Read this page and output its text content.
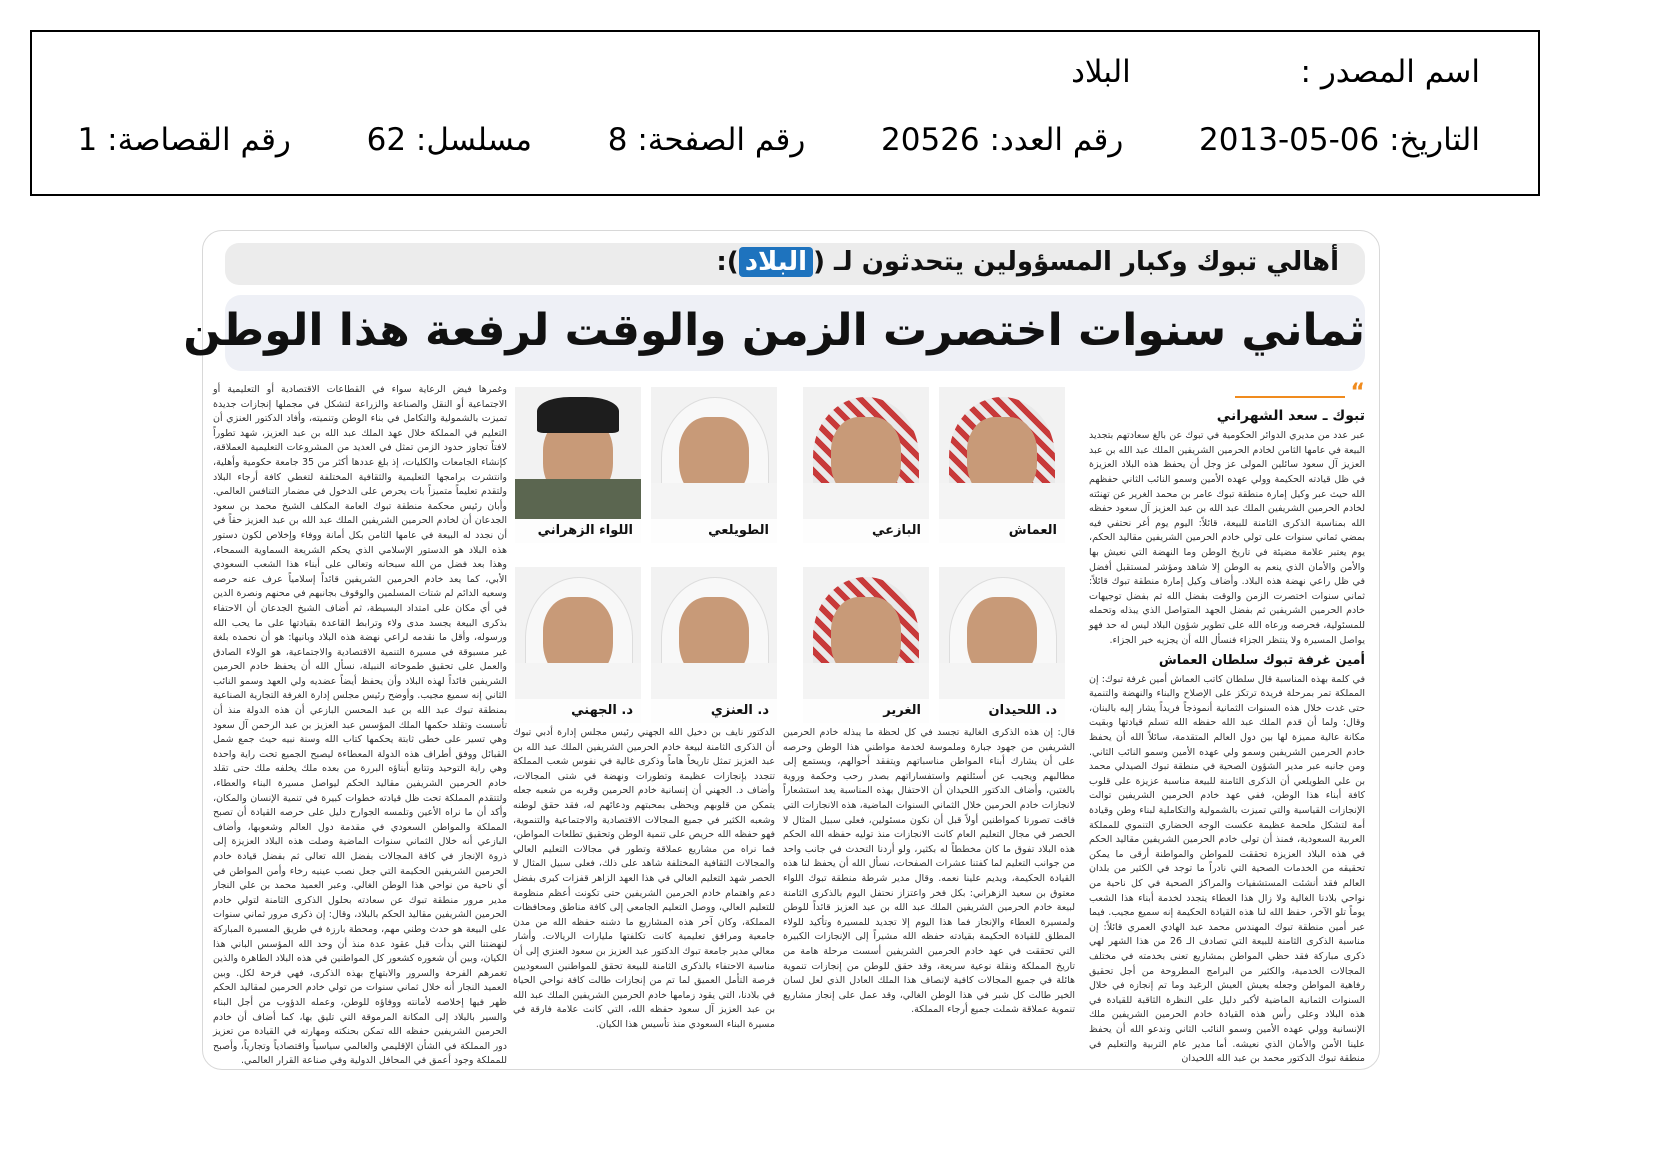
اسم المصدر :  البلاد
التاريخ: 2013-05-06  رقم العدد: 20526  رقم الصفحة: 8  مسلسل: 62  رقم القصاصة: 1
أهالي تبوك وكبار المسؤولين يتحدثون لـ (البلاد):
ثماني سنوات اختصرت الزمن والوقت لرفعة هذا الوطن
“
تبوك ـ سعد الشهراني
عبر عدد من مديري الدوائر الحكومية في تبوك عن بالغ سعادتهم بتجديد البيعة في عامها الثامن لخادم الحرمين الشريفين الملك عبد الله بن عبد العزيز آل سعود سائلين المولى عز وجل أن يحفظ هذه البلاد العزيزة في ظل قيادته الحكيمة وولي عهده الأمين وسمو النائب الثاني حفظهم الله حيث عبر وكيل إمارة منطقة تبوك عامر بن محمد الغرير عن تهنئته لخادم الحرمين الشريفين الملك عبد الله بن عبد العزيز آل سعود حفظه الله بمناسبة الذكرى الثامنة للبيعة، قائلاً: اليوم يوم أغر نحتفي فيه بمضي ثماني سنوات على تولي خادم الحرمين الشريفين مقاليد الحكم، يوم يعتبر علامة مضيئة في تاريخ الوطن وما النهضة التي نعيش بها والأمن والأمان الذي ينعم به الوطن إلا شاهد ومؤشر لمستقبل أفضل في ظل راعي نهضة هذه البلاد. وأضاف وكيل إمارة منطقة تبوك قائلاً: ثماني سنوات اختصرت الزمن والوقت بفضل الله ثم بفضل توجيهات خادم الحرمين الشريفين ثم بفضل الجهد المتواصل الذي يبذله وتحمله للمسئولية، فحرصه ورعاه الله على تطوير شؤون البلاد ليس له حد فهو يواصل المسيرة ولا ينتظر الجزاء فنسأل الله أن يجزيه خير الجزاء.
أمين غرفة تبوك سلطان العماش
في كلمة بهذه المناسبة قال سلطان كاتب العماش أمين غرفة تبوك: إن المملكة تمر بمرحلة فريدة ترتكز على الإصلاح والبناء والنهضة والتنمية حتى غدت خلال هذه السنوات الثمانية أنموذجاً فريداً يشار إليه بالبنان، وقال: ولما أن قدم الملك عبد الله حفظه الله تسلم قيادتها وبقيت مكانة عالية مميزة لها بين دول العالم المتقدمة، سائلاً الله أن يحفظ خادم الحرمين الشريفين وسمو ولي عهده الأمين وسمو النائب الثاني. ومن جانبه عبر مدير الشؤون الصحية في منطقة تبوك الصيدلي محمد بن علي الطويلعي أن الذكرى الثامنة للبيعة مناسبة عزيزة على قلوب كافة أبناء هذا الوطن، ففي عهد خادم الحرمين الشريفين توالت الإنجازات القياسية والتي تميزت بالشمولية والتكاملية لبناء وطن وقيادة أمة لتشكل ملحمة عظيمة عكست الوجه الحضاري التنموي للمملكة العربية السعودية، فمنذ أن تولى خادم الحرمين الشريفين مقاليد الحكم في هذه البلاد العزيزة تحققت للمواطن والمواطنة أرقى ما يمكن تحقيقه من الخدمات الصحية التي نادراً ما توجد في الكثير من بلدان العالم فقد أنشئت المستشفيات والمراكز الصحية في كل ناحية من نواحي بلادنا الغالية ولا زال هذا العطاء يتجدد لخدمة أبناء هذا الشعب يوماً تلو الآخر، حفظ الله لنا هذه القيادة الحكيمة إنه سميع مجيب. فيما عبر أمين منطقة تبوك المهندس محمد عبد الهادي العمري قائلاً: إن مناسبة الذكرى الثامنة للبيعة التي تصادف الـ 26 من هذا الشهر لهي ذكرى مباركة فقد حظي المواطن بمشاريع تعنى بخدمته في مختلف المجالات الخدمية، والكثير من البرامج المطروحة من أجل تحقيق رفاهية المواطن وجعله يعيش العيش الرغيد وما تم إنجازه في خلال السنوات الثمانية الماضية لأكبر دليل على النظرة الثاقبة للقيادة في هذه البلاد وعلى رأس هذه القيادة خادم الحرمين الشريفين ملك الإنسانية وولي عهده الأمين وسمو النائب الثاني وندعو الله أن يحفظ علينا الأمن والأمان الذي نعيشه. أما مدير عام التربية والتعليم في منطقة تبوك الدكتور محمد بن عبد الله اللحيدان
العماش
البازعي
الطويلعي
اللواء الزهراني
د. اللحيدان
الغرير
د. العنزي
د. الجهني
قال: إن هذه الذكرى الغالية تجسد في كل لحظة ما يبذله خادم الحرمين الشريفين من جهود جبارة وملموسة لخدمة مواطني هذا الوطن وحرصه على أن يشارك أبناء المواطن مناسباتهم ويتفقد أحوالهم، ويستمع إلى مطالبهم ويجيب عن أسئلتهم واستفساراتهم بصدر رحب وحكمة وروية بالغتين، وأضاف الدكتور اللحيدان أن الاحتفال بهذه المناسبة يعد استشعاراً لانجازات خادم الحرمين خلال الثماني السنوات الماضية، هذه الانجازات التي فاقت تصورنا كمواطنين أولاً قبل أن نكون مسئولين، فعلى سبيل المثال لا الحصر في مجال التعليم العام كانت الانجازات منذ توليه حفظه الله الحكم هذه البلاد تفوق ما كان مخططاً له بكثير، ولو أردنا التحدث في جانب واحد من جوانب التعليم لما كفتنا عشرات الصفحات، نسأل الله أن يحفظ لنا هذه القيادة الحكيمة، ويديم علينا نعمه. وقال مدير شرطة منطقة تبوك اللواء معتوق بن سعيد الزهراني: بكل فخر واعتزاز نحتفل اليوم بالذكرى الثامنة لبيعة خادم الحرمين الشريفين الملك عبد الله بن عبد العزيز قائداً للوطن ولمسيرة العطاء والإنجاز فما هذا اليوم إلا تجديد للمسيرة وتأكيد للولاء المطلق للقيادة الحكيمة بقيادته حفظه الله مشيراً إلى الإنجازات الكبيرة التي تحققت في عهد خادم الحرمين الشريفين أسست مرحلة هامة من تاريخ المملكة ونقلة نوعية سريعة، وقد حقق للوطن من إنجازات تنموية هائلة في جميع المجالات كافية لإنصاف هذا الملك العادل الذي لعل لسان الخير طالت كل شبر في هذا الوطن الغالي، وقد عمل على إنجاز مشاريع تنموية عملاقة شملت جميع أرجاء المملكة.
الدكتور نايف بن دخيل الله الجهني رئيس مجلس إدارة أدبي تبوك أن الذكرى الثامنة لبيعة خادم الحرمين الشريفين الملك عبد الله بن عبد العزيز تمثل تاريخاً هاماً وذكرى غالية في نفوس شعب المملكة تتجدد بإنجازات عظيمة وتطورات ونهضة في شتى المجالات، وأضاف د. الجهني أن إنسانية خادم الحرمين وقربه من شعبه جعله يتمكن من قلوبهم ويحظى بمحبتهم ودعائهم له، فقد حقق لوطنه وشعبه الكثير في جميع المجالات الاقتصادية والاجتماعية والتنموية، فهو حفظه الله حريص على تنمية الوطن وتحقيق تطلعات المواطن، فما نراه من مشاريع عملاقة وتطور في مجالات التعليم العالي والمجالات الثقافية المختلفة شاهد على ذلك، فعلى سبيل المثال لا الحصر شهد التعليم العالي في هذا العهد الزاهر قفزات كبرى بفضل دعم واهتمام خادم الحرمين الشريفين حتى تكونت أعظم منظومة للتعليم العالي، ووصل التعليم الجامعي إلى كافة مناطق ومحافظات المملكة، وكان آخر هذه المشاريع ما دشنه حفظه الله من مدن جامعية ومرافق تعليمية كانت تكلفتها مليارات الريالات. وأشار معالي مدير جامعة تبوك الدكتور عبد العزيز بن سعود العنزي إلى أن مناسبة الاحتفاء بالذكرى الثامنة للبيعة تحقق للمواطنين السعوديين فرصة التأمل العميق لما تم من إنجازات طالت كافة نواحي الحياة في بلادنا، التي يقود زمامها خادم الحرمين الشريفين الملك عبد الله بن عبد العزيز آل سعود حفظه الله، التي كانت علامة فارقة في مسيرة البناء السعودي منذ تأسيس هذا الكيان.
وغمرها فيض الرعاية سواء في القطاعات الاقتصادية أو التعليمية أو الاجتماعية أو النقل والصناعة والزراعة لتشكل في مجملها إنجازات جديدة تميزت بالشمولية والتكامل في بناء الوطن وتنميته، وأفاد الدكتور العنزي أن التعليم في المملكة خلال عهد الملك عبد الله بن عبد العزيز، شهد تطوراً لافتاً تجاوز حدود الزمن تمثل في العديد من المشروعات التعليمية العملاقة، كإنشاء الجامعات والكليات، إذ بلغ عددها أكثر من 35 جامعة حكومية وأهلية، وانتشرت برامجها التعليمية والثقافية المختلفة لتغطي كافة أرجاء البلاد ولتقدم تعليماً متميزاً بات يحرص على الدخول في مضمار التنافس العالمي. وأبان رئيس محكمة منطقة تبوك العامة المكلف الشيخ محمد بن سعود الجدعان أن لخادم الحرمين الشريفين الملك عبد الله بن عبد العزيز حقاً في أن نجدد له البيعة في عامها الثامن بكل أمانة ووفاء وإخلاص لكون دستور هذه البلاد هو الدستور الإسلامي الذي يحكم الشريعة السماوية السمحاء، وهذا بعد فضل من الله سبحانه وتعالى على أبناء هذا الشعب السعودي الأبي، كما يعد خادم الحرمين الشريفين قائداً إسلامياً عرف عنه حرصه وسعيه الدائم لم شتات المسلمين والوقوف بجانبهم في محنهم ونصرة الدين في أي مكان على امتداد البسيطة، ثم أضاف الشيخ الجدعان أن الاحتفاء بذكرى البيعة يجسد مدى ولاء وترابط القاعدة بقيادتها على ما يحب الله ورسوله، وأقل ما نقدمه لراعي نهضة هذه البلاد وبانيها: هو أن نحمده بلغة غير مسبوقة في مسيرة التنمية الاقتصادية والاجتماعية، هو الولاء الصادق والعمل على تحقيق طموحاته النبيلة، نسأل الله أن يحفظ خادم الحرمين الشريفين قائداً لهذه البلاد وأن يحفظ أيضاً عضديه ولي العهد وسمو النائب الثاني إنه سميع مجيب. وأوضح رئيس مجلس إدارة الغرفة التجارية الصناعية بمنطقة تبوك عبد الله بن عبد المحسن البازعي أن هذه الدولة منذ أن تأسست وتقلد حكمها الملك المؤسس عبد العزيز بن عبد الرحمن آل سعود وهي تسير على خطى ثابتة يحكمها كتاب الله وسنة نبيه حيث جمع شمل القبائل ووفق أطراف هذه الدولة المعطاءة ليصبح الجميع تحت راية واحدة وهي راية التوحيد وتتابع أبناؤه البررة من بعده ملك يخلفه ملك حتى تقلد خادم الحرمين الشريفين مقاليد الحكم ليواصل مسيرة البناء والعطاء، ولتتقدم المملكة تحت ظل قيادته خطوات كبيرة في تنمية الإنسان والمكان، وأكد أن ما نراه الأعين وتلمسه الجوارح دليل على حرصه القيادة أن تصبح المملكة والمواطن السعودي في مقدمة دول العالم وشعوبها، وأضاف البازعي أنه خلال الثماني سنوات الماضية وصلت هذه البلاد العزيزة إلى ذروة الإنجاز في كافة المجالات بفضل الله تعالى ثم بفضل قيادة خادم الحرمين الشريفين الحكيمة التي جعل نصب عينيه رخاء وأمن المواطن في أي ناحية من نواحي هذا الوطن الغالي. وعبر العميد محمد بن علي النجار مدير مرور منطقة تبوك عن سعادته بحلول الذكرى الثامنة لتولي خادم الحرمين الشريفين مقاليد الحكم بالبلاد، وقال: إن ذكرى مرور ثماني سنوات على البيعة هو حدث وطني مهم، ومحطة بارزة في طريق المسيرة المباركة لنهضتنا التي بدأت قبل عقود عدة منذ أن وحد الله المؤسس الباني هذا الكيان، وبين أن شعوره كشعور كل المواطنين في هذه البلاد الطاهرة والذين تغمرهم الفرحة والسرور والابتهاج بهذه الذكرى، فهي فرحة لكل. وبين العميد النجار أنه خلال ثماني سنوات من تولي خادم الحرمين لمقاليد الحكم ظهر فيها إخلاصه لأمانته ووفاؤه للوطن، وعمله الدؤوب من أجل البناء والسير بالبلاد إلى المكانة المرموقة التي تليق بها، كما أضاف أن خادم الحرمين الشريفين حفظه الله تمكن بحنكته ومهارته في القيادة من تعزيز دور المملكة في الشأن الإقليمي والعالمي سياسياً واقتصادياً وتجارياً، وأصبح للمملكة وجود أعمق في المحافل الدولية وفي صناعة القرار العالمي.
